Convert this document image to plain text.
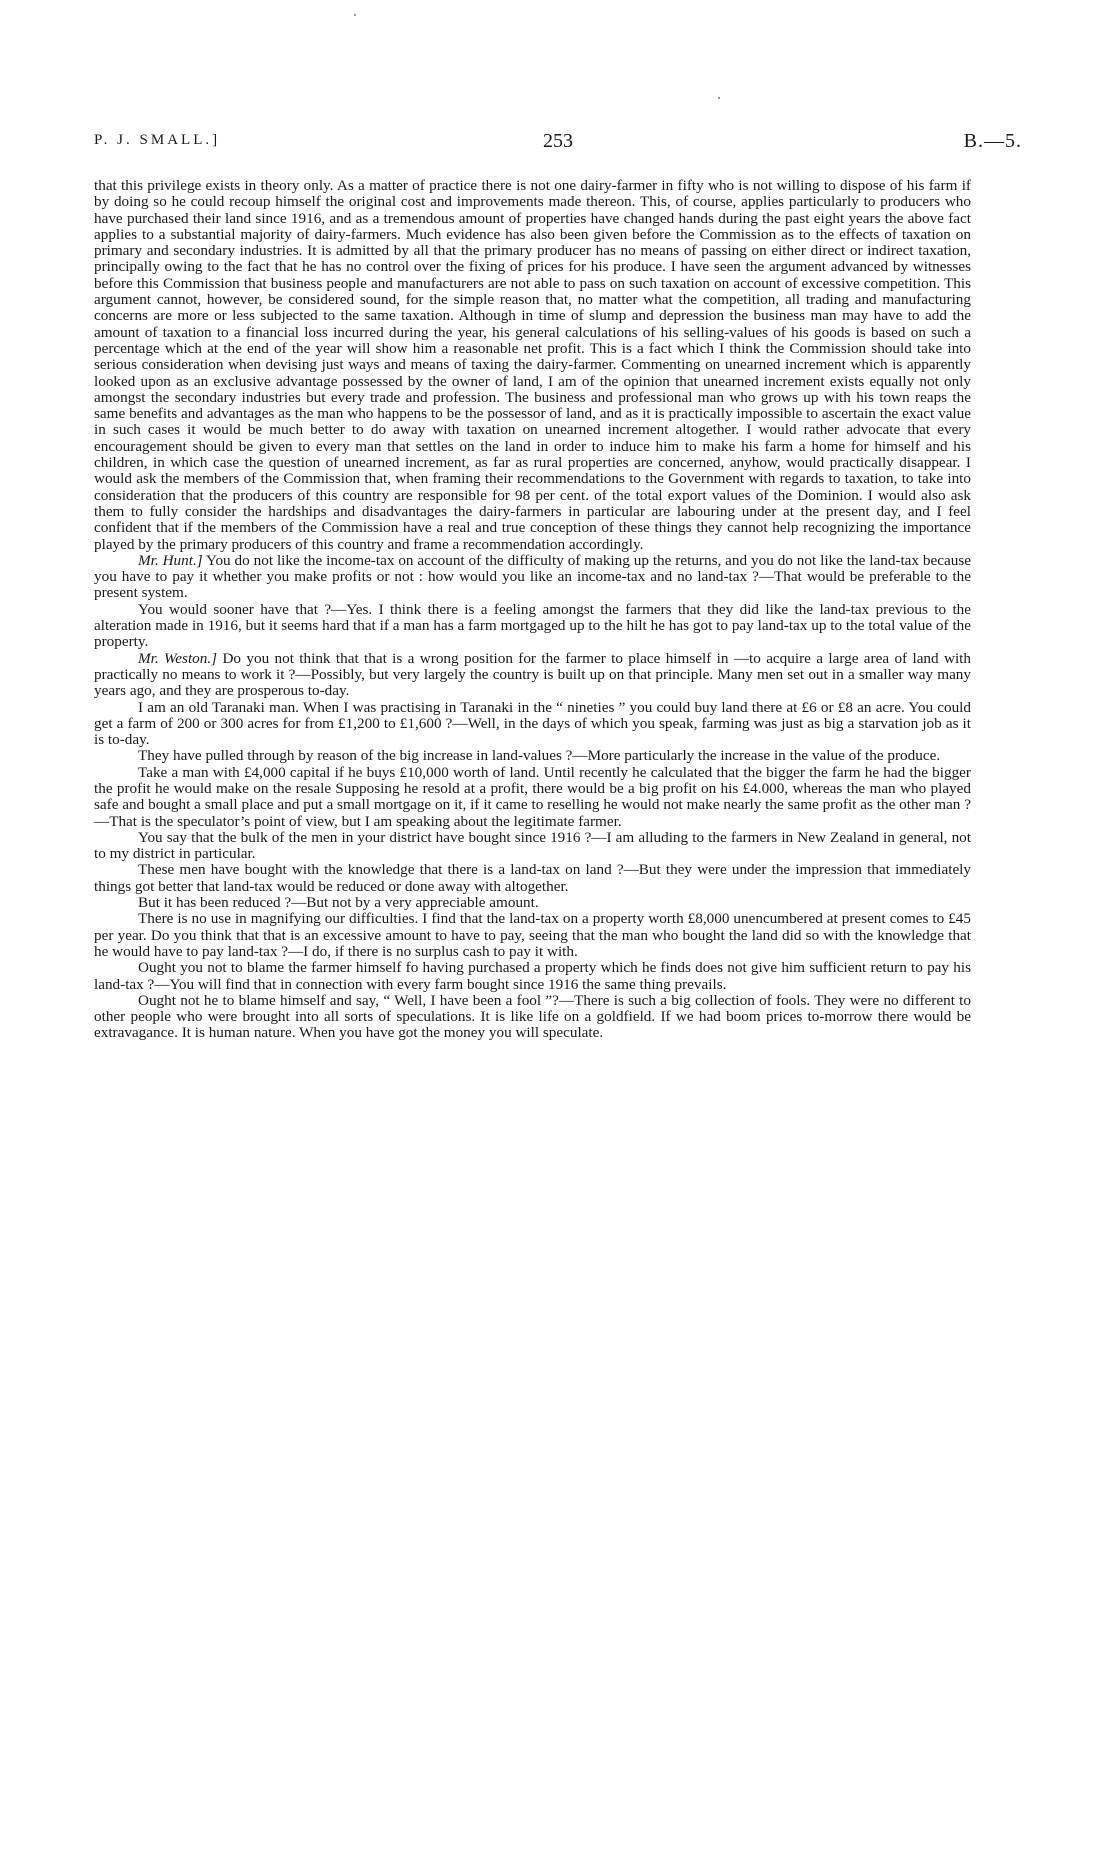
P. J. SMALL.]	253	B.—5.

that this privilege exists in theory only. As a matter of practice there is not one dairy-farmer in fifty who is not willing to dispose of his farm if by doing so he could recoup himself the original cost and improvements made thereon. This, of course, applies particularly to producers who have purchased their land since 1916, and as a tremendous amount of properties have changed hands during the past eight years the above fact applies to a substantial majority of dairy-farmers. Much evidence has also been given before the Commission as to the effects of taxation on primary and secondary industries. It is admitted by all that the primary producer has no means of passing on either direct or indirect taxation, principally owing to the fact that he has no control over the fixing of prices for his produce. I have seen the argument advanced by witnesses before this Commission that business people and manufacturers are not able to pass on such taxation on account of excessive competition. This argument cannot, however, be considered sound, for the simple reason that, no matter what the competition, all trading and manufacturing concerns are more or less subjected to the same taxation. Although in time of slump and depression the business man may have to add the amount of taxation to a financial loss incurred during the year, his general calculations of his selling-values of his goods is based on such a percentage which at the end of the year will show him a reasonable net profit. This is a fact which I think the Commission should take into serious consideration when devising just ways and means of taxing the dairy-farmer. Commenting on unearned increment which is apparently looked upon as an exclusive advantage possessed by the owner of land, I am of the opinion that unearned increment exists equally not only amongst the secondary industries but every trade and profession. The business and professional man who grows up with his town reaps the same benefits and advantages as the man who happens to be the possessor of land, and as it is practically impossible to ascertain the exact value in such cases it would be much better to do away with taxation on unearned increment altogether. I would rather advocate that every encouragement should be given to every man that settles on the land in order to induce him to make his farm a home for himself and his children, in which case the question of unearned increment, as far as rural properties are concerned, anyhow, would practically disappear. I would ask the members of the Commission that, when framing their recommendations to the Government with regards to taxation, to take into consideration that the producers of this country are responsible for 98 per cent. of the total export values of the Dominion. I would also ask them to fully consider the hardships and disadvantages the dairy-farmers in particular are labouring under at the present day, and I feel confident that if the members of the Commission have a real and true conception of these things they cannot help recognizing the importance played by the primary producers of this country and frame a recommendation accordingly.

Mr. Hunt.] You do not like the income-tax on account of the difficulty of making up the returns, and you do not like the land-tax because you have to pay it whether you make profits or not : how would you like an income-tax and no land-tax ?—That would be preferable to the present system.

You would sooner have that ?—Yes. I think there is a feeling amongst the farmers that they did like the land-tax previous to the alteration made in 1916, but it seems hard that if a man has a farm mortgaged up to the hilt he has got to pay land-tax up to the total value of the property.

Mr. Weston.] Do you not think that that is a wrong position for the farmer to place himself in —to acquire a large area of land with practically no means to work it ?—Possibly, but very largely the country is built up on that principle. Many men set out in a smaller way many years ago, and they are prosperous to-day.

I am an old Taranaki man. When I was practising in Taranaki in the “ nineties ” you could buy land there at £6 or £8 an acre. You could get a farm of 200 or 300 acres for from £1,200 to £1,600 ?—Well, in the days of which you speak, farming was just as big a starvation job as it is to-day.

They have pulled through by reason of the big increase in land-values ?—More particularly the increase in the value of the produce.

Take a man with £4,000 capital if he buys £10,000 worth of land. Until recently he calculated that the bigger the farm he had the bigger the profit he would make on the resale Supposing he resold at a profit, there would be a big profit on his £4.000, whereas the man who played safe and bought a small place and put a small mortgage on it, if it came to reselling he would not make nearly the same profit as the other man ?—That is the speculator’s point of view, but I am speaking about the legitimate farmer.

You say that the bulk of the men in your district have bought since 1916 ?—I am alluding to the farmers in New Zealand in general, not to my district in particular.

These men have bought with the knowledge that there is a land-tax on land ?—But they were under the impression that immediately things got better that land-tax would be reduced or done away with altogether.

But it has been reduced ?—But not by a very appreciable amount.

There is no use in magnifying our difficulties. I find that the land-tax on a property worth £8,000 unencumbered at present comes to £45 per year. Do you think that that is an excessive amount to have to pay, seeing that the man who bought the land did so with the knowledge that he would have to pay land-tax ?—I do, if there is no surplus cash to pay it with.

Ought you not to blame the farmer himself fo having purchased a property which he finds does not give him sufficient return to pay his land-tax ?—You will find that in connection with every farm bought since 1916 the same thing prevails.

Ought not he to blame himself and say, “ Well, I have been a fool ”?—There is such a big collection of fools. They were no different to other people who were brought into all sorts of speculations. It is like life on a goldfield. If we had boom prices to-morrow there would be extravagance. It is human nature. When you have got the money you will speculate.
